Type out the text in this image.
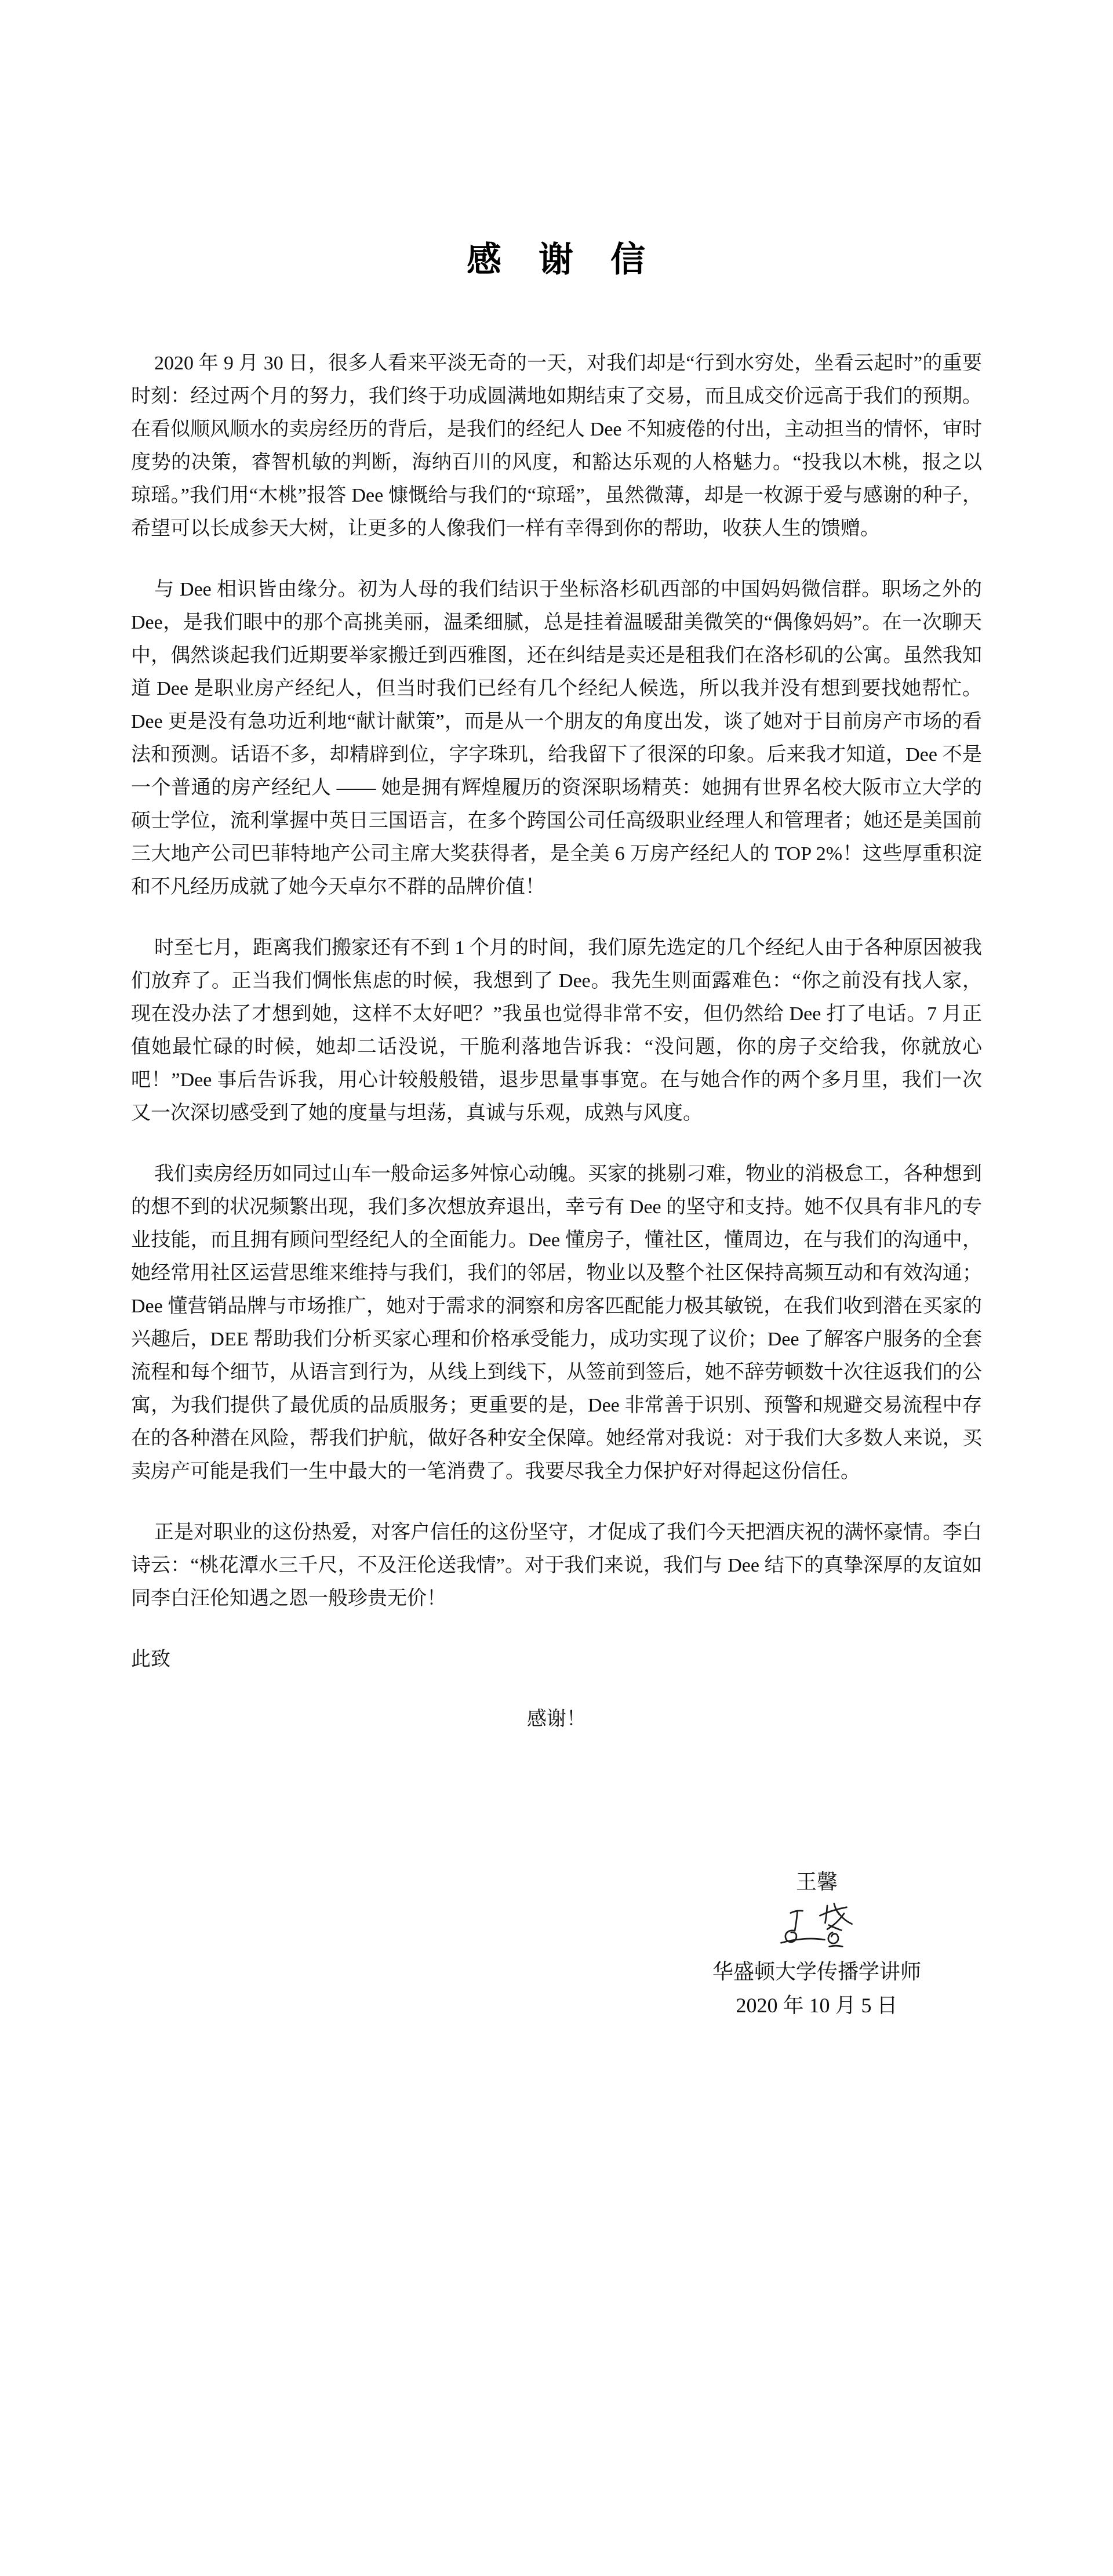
感　谢　信

2020 年 9 月 30 日，很多人看来平淡无奇的一天，对我们却是“行到水穷处，坐看云起时”的重要时刻：经过两个月的努力，我们终于功成圆满地如期结束了交易，而且成交价远高于我们的预期。在看似顺风顺水的卖房经历的背后，是我们的经纪人 Dee 不知疲倦的付出，主动担当的情怀，审时度势的决策，睿智机敏的判断，海纳百川的风度，和豁达乐观的人格魅力。“投我以木桃，报之以琼瑶。”我们用“木桃”报答 Dee 慷慨给与我们的“琼瑶”，虽然微薄，却是一枚源于爱与感谢的种子，希望可以长成参天大树，让更多的人像我们一样有幸得到你的帮助，收获人生的馈赠。

与 Dee 相识皆由缘分。初为人母的我们结识于坐标洛杉矶西部的中国妈妈微信群。职场之外的 Dee，是我们眼中的那个高挑美丽，温柔细腻，总是挂着温暖甜美微笑的“偶像妈妈”。在一次聊天中，偶然谈起我们近期要举家搬迁到西雅图，还在纠结是卖还是租我们在洛杉矶的公寓。虽然我知道 Dee 是职业房产经纪人，但当时我们已经有几个经纪人候选，所以我并没有想到要找她帮忙。Dee 更是没有急功近利地“献计献策”，而是从一个朋友的角度出发，谈了她对于目前房产市场的看法和预测。话语不多，却精辟到位，字字珠玑，给我留下了很深的印象。后来我才知道，Dee 不是一个普通的房产经纪人 —— 她是拥有辉煌履历的资深职场精英：她拥有世界名校大阪市立大学的硕士学位，流利掌握中英日三国语言，在多个跨国公司任高级职业经理人和管理者；她还是美国前三大地产公司巴菲特地产公司主席大奖获得者，是全美 6 万房产经纪人的 TOP 2%！这些厚重积淀和不凡经历成就了她今天卓尔不群的品牌价值！

时至七月，距离我们搬家还有不到 1 个月的时间，我们原先选定的几个经纪人由于各种原因被我们放弃了。正当我们惆怅焦虑的时候，我想到了 Dee。我先生则面露难色：“你之前没有找人家，现在没办法了才想到她，这样不太好吧？”我虽也觉得非常不安，但仍然给 Dee 打了电话。7 月正值她最忙碌的时候，她却二话没说，干脆利落地告诉我：“没问题，你的房子交给我，你就放心吧！”Dee 事后告诉我，用心计较般般错，退步思量事事宽。在与她合作的两个多月里，我们一次又一次深切感受到了她的度量与坦荡，真诚与乐观，成熟与风度。

我们卖房经历如同过山车一般命运多舛惊心动魄。买家的挑剔刁难，物业的消极怠工，各种想到的想不到的状况频繁出现，我们多次想放弃退出，幸亏有 Dee 的坚守和支持。她不仅具有非凡的专业技能，而且拥有顾问型经纪人的全面能力。Dee 懂房子，懂社区，懂周边，在与我们的沟通中，她经常用社区运营思维来维持与我们，我们的邻居，物业以及整个社区保持高频互动和有效沟通；Dee 懂营销品牌与市场推广，她对于需求的洞察和房客匹配能力极其敏锐，在我们收到潜在买家的兴趣后，DEE 帮助我们分析买家心理和价格承受能力，成功实现了议价；Dee 了解客户服务的全套流程和每个细节，从语言到行为，从线上到线下，从签前到签后，她不辞劳顿数十次往返我们的公寓，为我们提供了最优质的品质服务；更重要的是，Dee 非常善于识别、预警和规避交易流程中存在的各种潜在风险，帮我们护航，做好各种安全保障。她经常对我说：对于我们大多数人来说，买卖房产可能是我们一生中最大的一笔消费了。我要尽我全力保护好对得起这份信任。

正是对职业的这份热爱，对客户信任的这份坚守，才促成了我们今天把酒庆祝的满怀豪情。李白诗云：“桃花潭水三千尺，不及汪伦送我情”。对于我们来说，我们与 Dee 结下的真挚深厚的友谊如同李白汪伦知遇之恩一般珍贵无价！

此致

感谢！

王馨
华盛顿大学传播学讲师
2020 年 10 月 5 日
